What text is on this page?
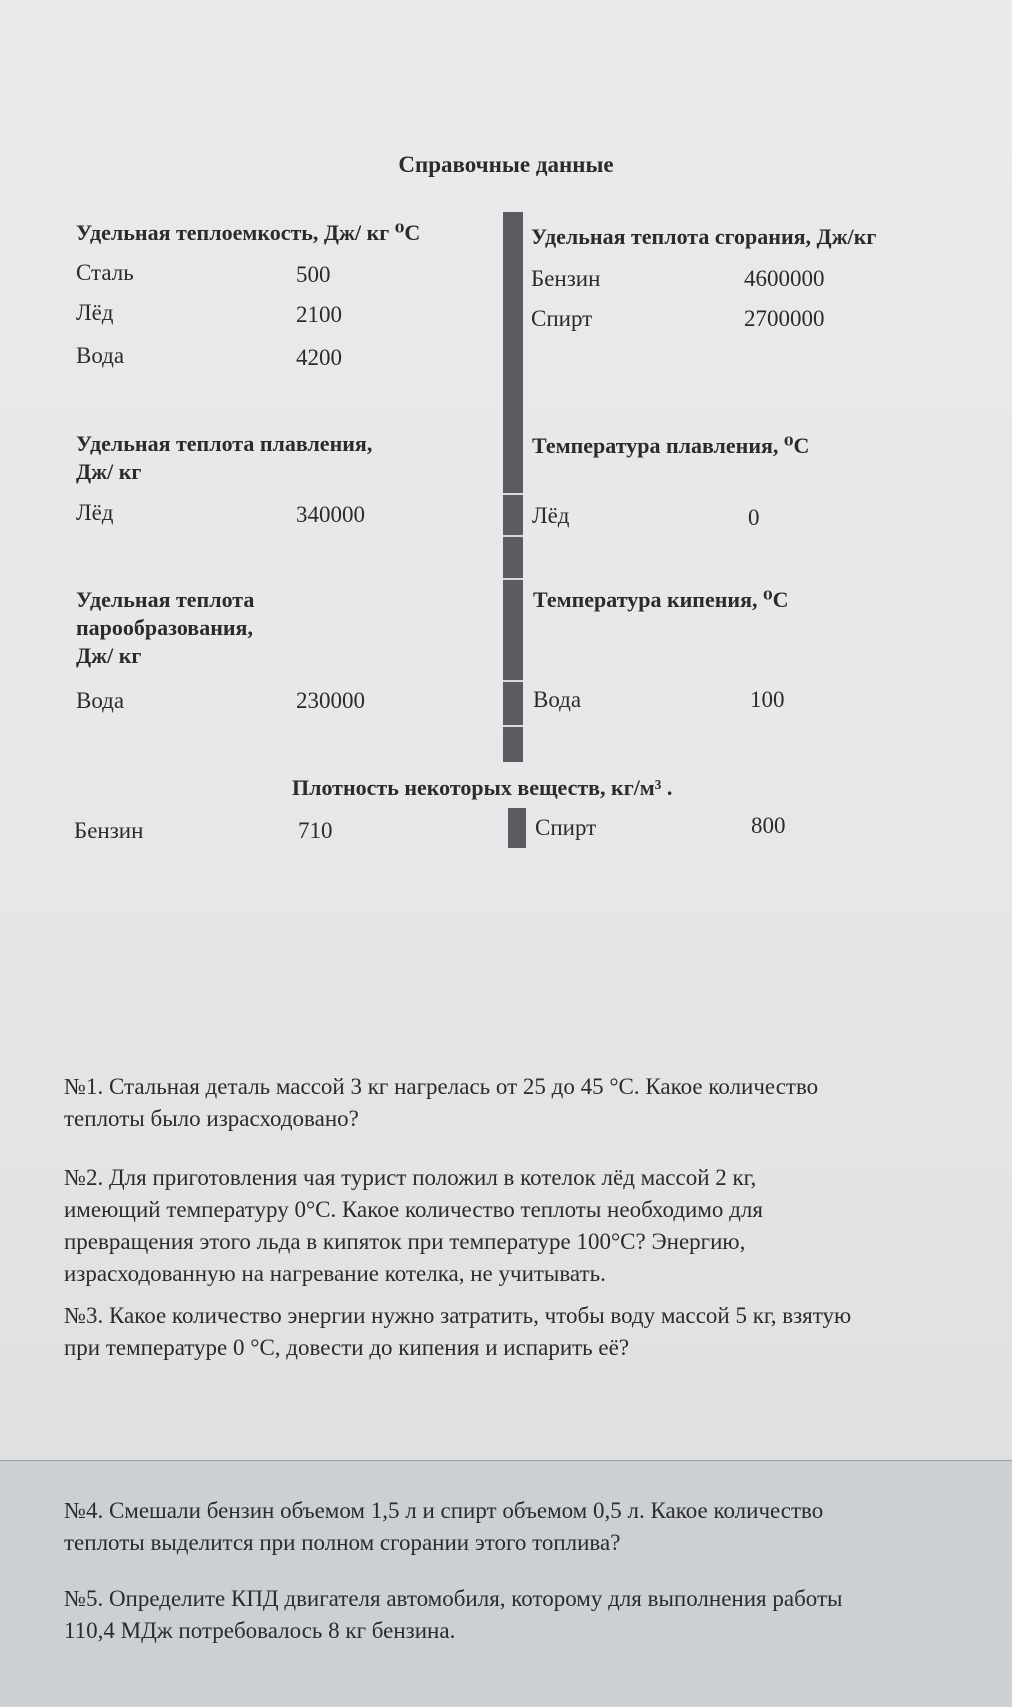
Справочные данные
Удельная теплоемкость, Дж/ кг ⁰С
Сталь	500
Лёд	2100
Вода	4200
Удельная теплота сгорания, Дж/кг
Бензин	4600000
Спирт	2700000
Удельная теплота плавления,
Дж/ кг
Лёд	340000
Температура плавления, ⁰С
Лёд	0
Удельная теплота
парообразования,
Дж/ кг
Вода	230000
Температура кипения, ⁰С
Вода	100
Плотность некоторых веществ, кг/м³ .
Бензин	710	Спирт	800
№1. Стальная деталь массой 3 кг нагрелась от 25 до 45 °С. Какое количество
теплоты было израсходовано?
№2. Для приготовления чая турист положил в котелок лёд массой 2 кг,
имеющий температуру 0°С. Какое количество теплоты необходимо для
превращения этого льда в кипяток при температуре 100°С? Энергию,
израсходованную на нагревание котелка, не учитывать.
№3. Какое количество энергии нужно затратить, чтобы воду массой 5 кг, взятую
при температуре 0 °С, довести до кипения и испарить её?
№4. Смешали бензин объемом 1,5 л и спирт объемом 0,5 л. Какое количество
теплоты выделится при полном сгорании этого топлива?
№5. Определите КПД двигателя автомобиля, которому для выполнения работы
110,4 МДж потребовалось 8 кг бензина.
